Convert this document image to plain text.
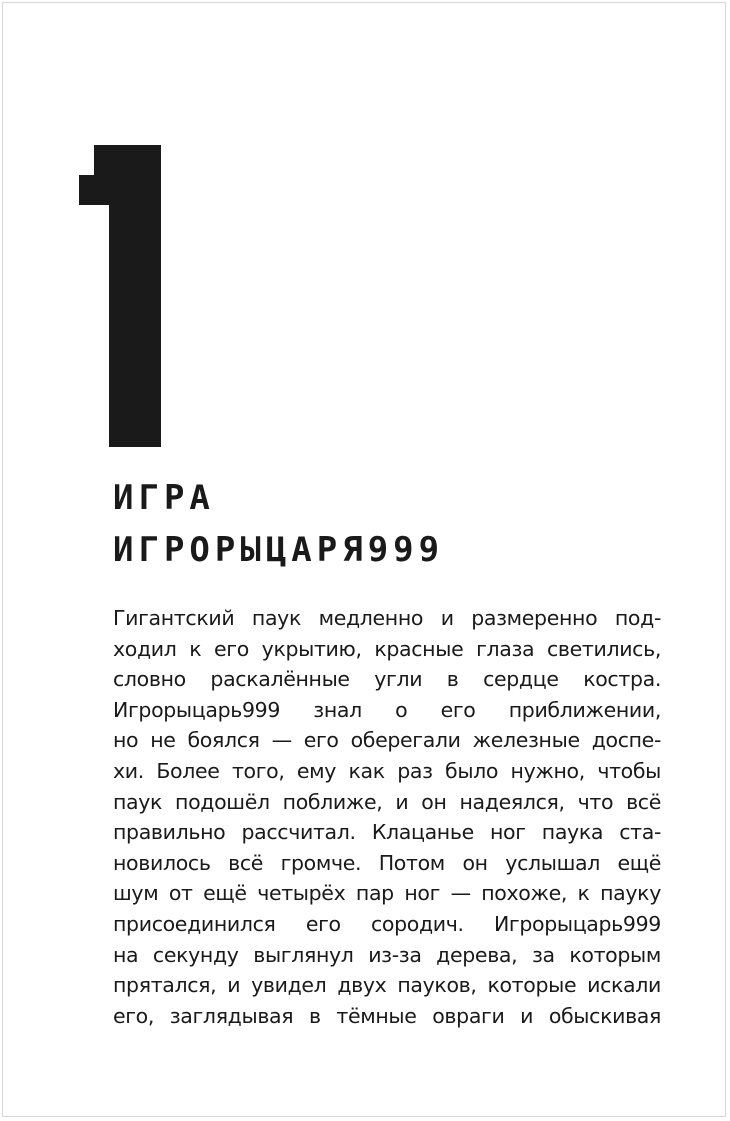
ИГРА
ИГРОРЫЦАРЯ999
Гигантский паук медленно и размеренно под-
ходил к его укрытию, красные глаза светились,
словно раскалённые угли в сердце костра.
Игрорыцарь999 знал о его приближении,
но не боялся — его оберегали железные доспе-
хи. Более того, ему как раз было нужно, чтобы
паук подошёл поближе, и он надеялся, что всё
правильно рассчитал. Клацанье ног паука ста-
новилось всё громче. Потом он услышал ещё
шум от ещё четырёх пар ног — похоже, к пауку
присоединился его сородич. Игрорыцарь999
на секунду выглянул из-за дерева, за которым
прятался, и увидел двух пауков, которые искали
его, заглядывая в тёмные овраги и обыскивая
